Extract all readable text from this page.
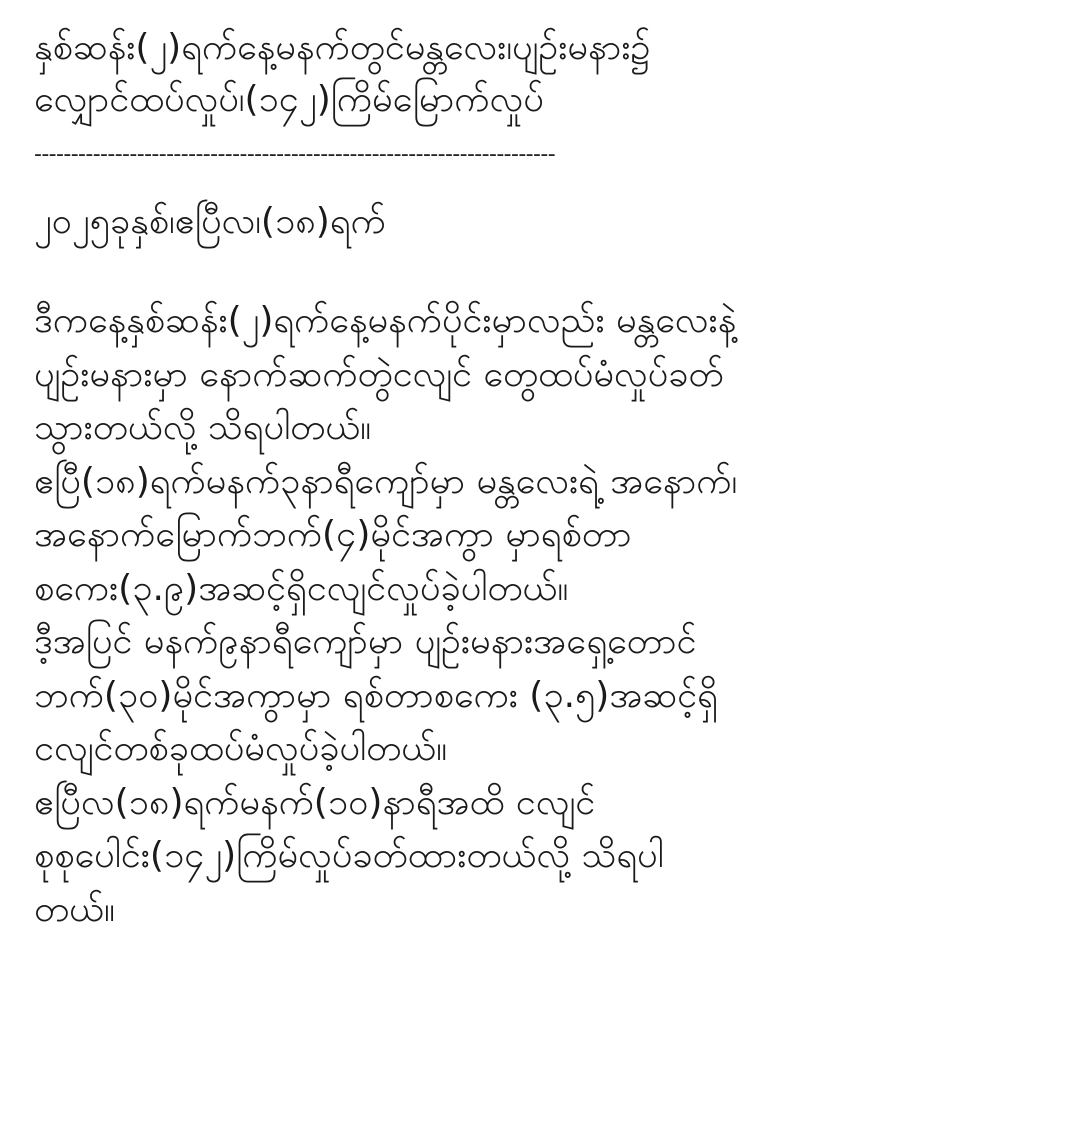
နှစ်ဆန်း(၂)ရက်နေ့မနက်တွင်မန္တလေး၊ပျဉ်းမနား၌

လျှောင်ထပ်လှုပ်၊(၁၄၂)ကြိမ်မြောက်လှုပ်

-----------------------------------------------------------------------

၂၀၂၅ခုနှစ်၊ဧပြီလ၊(၁၈)ရက်

ဒီကနေ့နှစ်ဆန်း(၂)ရက်နေ့မနက်ပိုင်းမှာလည်း မန္တလေးနဲ့

ပျဉ်းမနားမှာ နောက်ဆက်တွဲငလျင် တွေထပ်မံလှုပ်ခတ်

သွားတယ်လို့ သိရပါတယ်။

ဧပြီ(၁၈)ရက်မနက်၃နာရီကျော်မှာ မန္တလေးရဲ့ အနောက်၊

အနောက်မြောက်ဘက်(၄)မိုင်အကွာ မှာရစ်တာ

စကေး(၃.၉)အဆင့်ရှိငလျင်လှုပ်ခဲ့ပါတယ်။

ဒီ့အပြင် မနက်၉နာရီကျော်မှာ ပျဉ်းမနားအရှေ့တောင်

ဘက်(၃၀)မိုင်အကွာမှာ ရစ်တာစကေး (၃.၅)အဆင့်ရှိ

ငလျင်တစ်ခုထပ်မံလှုပ်ခဲ့ပါတယ်။

ဧပြီလ(၁၈)ရက်မနက်(၁၀)နာရီအထိ ငလျင်

စုစုပေါင်း(၁၄၂)ကြိမ်လှုပ်ခတ်ထားတယ်လို့ သိရပါ

တယ်။
